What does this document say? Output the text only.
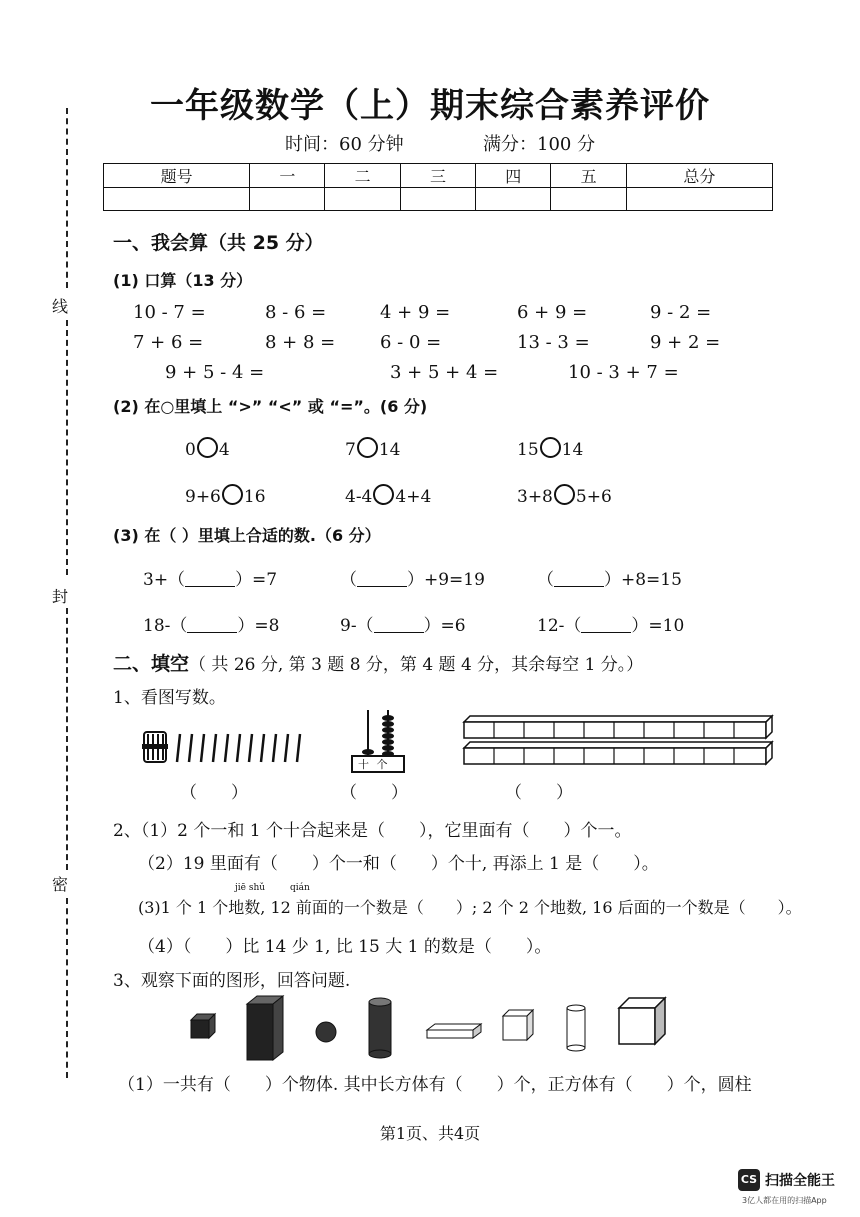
一年级数学（上）期末综合素养评价
时间：60 分钟	满分：100 分
题号	一	二	三	四	五	总分

线
封
密
一、我会算（共 25 分）
(1) 口算（13 分）
10 - 7 =	8 - 6 =	4 + 9 =	6 + 9 =	9 - 2 =
7 + 6 =	8 + 8 = 6 - 0 =	13 - 3 =	9 + 2 =
9 + 5 - 4 =	3 + 5 + 4 =	10 - 3 + 7 =
(2) 在○里填上 “>” “<” 或 “=”。(6 分)
0 4	7 14	15 14
9+6 16	4-4 4+4	3+8 5+6
(3) 在（ ）里填上合适的数.（6 分）
3+（	）=7	（	）+9=19	（	）+8=15
18-（	）=8	9-（	）=6	12-（	）=10
二、填空（ 共 26 分, 第 3 题 8 分，第 4 题 4 分，其余每空 1 分。）
1、看图写数。
十 个
（　　）	（　　）	（　　）
2、（1）2 个一和 1 个十合起来是（　　），它里面有（　　）个一。
（2）19 里面有（　　）个一和（　　）个十, 再添上 1 是（　　）。
jiē shǔ	qián
(3)1 个 1 个地数, 12 前面的一个数是（　　）; 2 个 2 个地数, 16 后面的一个数是（　　）。
（4）（　　）比 14 少 1, 比 15 大 1 的数是（　　）。
3、观察下面的图形，回答问题.
（1）一共有（　　）个物体. 其中长方体有（　　）个，正方体有（　　）个，圆柱
第1页、共4页
CS 扫描全能王
3亿人都在用的扫描App
